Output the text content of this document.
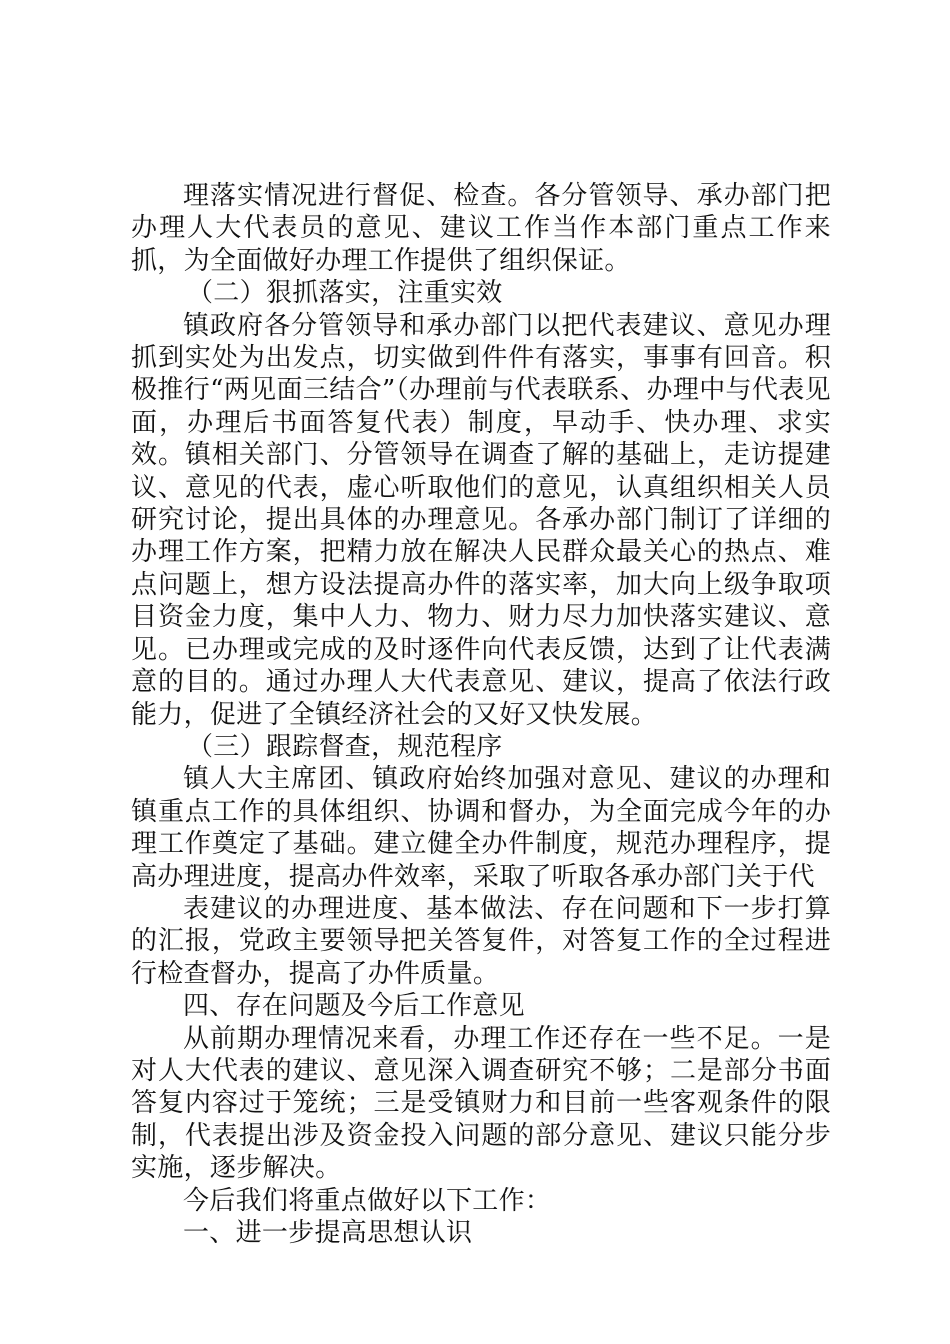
理落实情况进行督促、检查。各分管领导、承办部门把办理人大代表员的意见、建议工作当作本部门重点工作来抓，为全面做好办理工作提供了组织保证。

（二）狠抓落实，注重实效

镇政府各分管领导和承办部门以把代表建议、意见办理抓到实处为出发点，切实做到件件有落实，事事有回音。积极推行“两见面三结合”（办理前与代表联系、办理中与代表见面，办理后书面答复代表）制度，早动手、快办理、求实效。镇相关部门、分管领导在调查了解的基础上，走访提建议、意见的代表，虚心听取他们的意见，认真组织相关人员研究讨论，提出具体的办理意见。各承办部门制订了详细的办理工作方案，把精力放在解决人民群众最关心的热点、难点问题上，想方设法提高办件的落实率，加大向上级争取项目资金力度，集中人力、物力、财力尽力加快落实建议、意见。已办理或完成的及时逐件向代表反馈，达到了让代表满意的目的。通过办理人大代表意见、建议，提高了依法行政能力，促进了全镇经济社会的又好又快发展。

（三）跟踪督查，规范程序

镇人大主席团、镇政府始终加强对意见、建议的办理和镇重点工作的具体组织、协调和督办，为全面完成今年的办理工作奠定了基础。建立健全办件制度，规范办理程序，提高办理进度，提高办件效率，采取了听取各承办部门关于代

表建议的办理进度、基本做法、存在问题和下一步打算的汇报，党政主要领导把关答复件，对答复工作的全过程进行检查督办，提高了办件质量。

四、存在问题及今后工作意见

从前期办理情况来看，办理工作还存在一些不足。一是对人大代表的建议、意见深入调查研究不够；二是部分书面答复内容过于笼统；三是受镇财力和目前一些客观条件的限制，代表提出涉及资金投入问题的部分意见、建议只能分步实施，逐步解决。

今后我们将重点做好以下工作：

一、进一步提高思想认识
